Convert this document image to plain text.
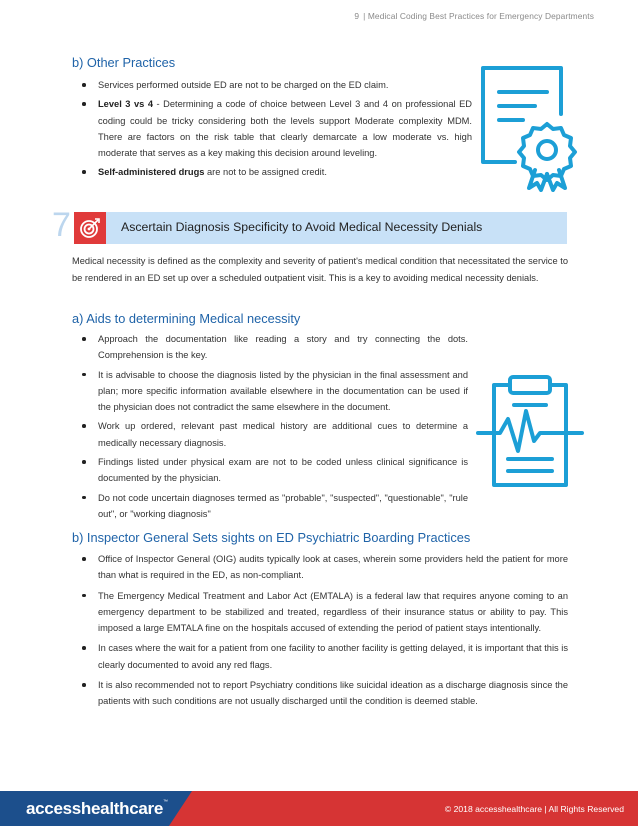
9 | Medical Coding Best Practices for Emergency Departments
b) Other Practices
Services performed outside ED are not to be charged on the ED claim.
Level 3 vs 4 - Determining a code of choice between Level 3 and 4 on professional ED coding could be tricky considering both the levels support Moderate complexity MDM. There are factors on the risk table that clearly demarcate a low moderate vs. high moderate that serves as a key making this decision around leveling.
Self-administered drugs are not to be assigned credit.
7	Ascertain Diagnosis Specificity to Avoid Medical Necessity Denials

Medical necessity is defined as the complexity and severity of patient's medical condition that necessitated the service to be rendered in an ED set up over a scheduled outpatient visit. This is a key to avoiding medical necessity denials.

a) Aids to determining Medical necessity
Approach the documentation like reading a story and try connecting the dots. Comprehension is the key.
It is advisable to choose the diagnosis listed by the physician in the final assessment and plan; more specific information available elsewhere in the documentation can be used if the physician does not contradict the same elsewhere in the document.
Work up ordered, relevant past medical history are additional cues to determine a medically necessary diagnosis.
Findings listed under physical exam are not to be coded unless clinical significance is documented by the physician.
Do not code uncertain diagnoses termed as "probable", "suspected", "questionable", "rule out", or "working diagnosis"
b) Inspector General Sets sights on ED Psychiatric Boarding Practices
Office of Inspector General (OIG) audits typically look at cases, wherein some providers held the patient for more than what is required in the ED, as non-compliant.
The Emergency Medical Treatment and Labor Act (EMTALA) is a federal law that requires anyone coming to an emergency department to be stabilized and treated, regardless of their insurance status or ability to pay. This imposed a large EMTALA fine on the hospitals accused of extending the period of patient stays intentionally.
In cases where the wait for a patient from one facility to another facility is getting delayed, it is important that this is clearly documented to avoid any red flags.
It is also recommended not to report Psychiatry conditions like suicidal ideation as a discharge diagnosis since the patients with such conditions are not usually discharged until the condition is deemed stable.
accesshealthcare™
© 2018 accesshealthcare | All Rights Reserved
